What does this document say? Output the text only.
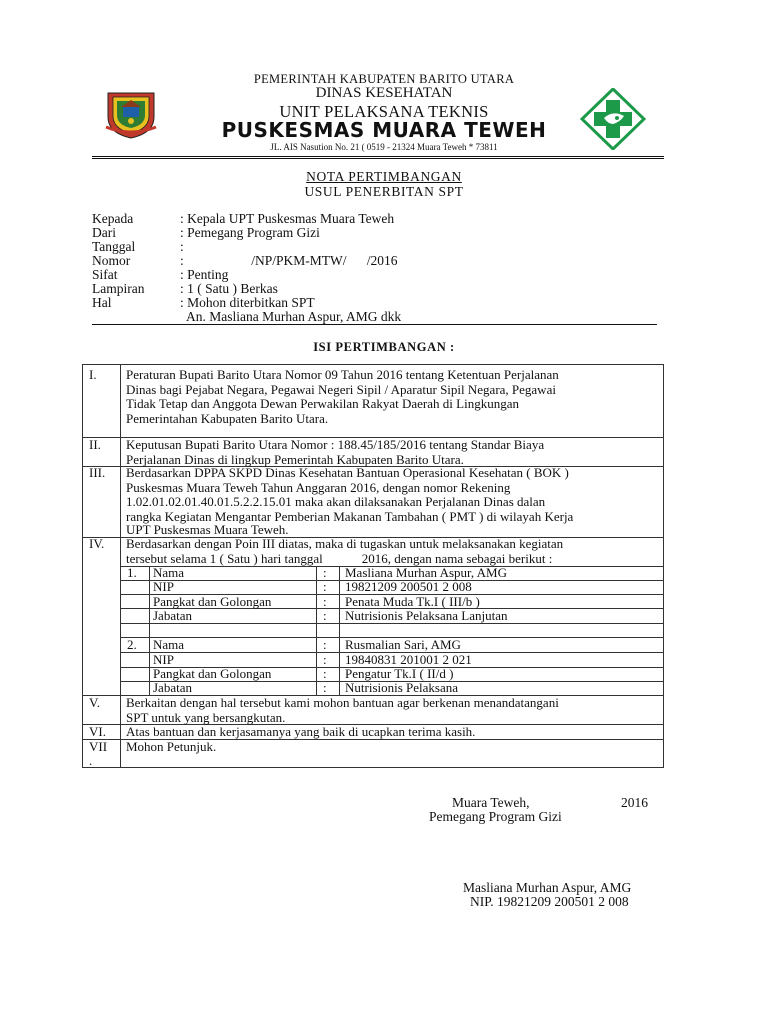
PEMERINTAH KABUPATEN BARITO UTARA
DINAS KESEHATAN
UNIT PELAKSANA TEKNIS
PUSKESMAS MUARA TEWEH
JL. AIS Nasution No. 21 ( 0519 - 21324 Muara Teweh * 73811
NOTA PERTIMBANGAN
USUL PENERBITAN SPT
Kepada	: Kepala UPT Puskesmas Muara Teweh
Dari	: Pemegang Program Gizi
Tanggal	:
Nomor	:                    /NP/PKM-MTW/      /2016
Sifat	: Penting
Lampiran	: 1 ( Satu ) Berkas
Hal	: Mohon diterbitkan SPT
An. Masliana Murhan Aspur, AMG dkk
ISI PERTIMBANGAN :
I. Peraturan Bupati Barito Utara Nomor 09 Tahun 2016 tentang Ketentuan Perjalanan
Dinas bagi Pejabat Negara, Pegawai Negeri Sipil / Aparatur Sipil Negara, Pegawai
Tidak Tetap dan Anggota Dewan Perwakilan Rakyat Daerah di Lingkungan
Pemerintahan Kabupaten Barito Utara.
II. Keputusan Bupati Barito Utara Nomor : 188.45/185/2016 tentang Standar Biaya
Perjalanan Dinas di lingkup Pemerintah Kabupaten Barito Utara.
III. Berdasarkan DPPA SKPD Dinas Kesehatan Bantuan Operasional Kesehatan ( BOK )
Puskesmas Muara Teweh Tahun Anggaran 2016, dengan nomor Rekening
1.02.01.02.01.40.01.5.2.2.15.01 maka akan dilaksanakan Perjalanan Dinas dalan
rangka Kegiatan Mengantar Pemberian Makanan Tambahan ( PMT ) di wilayah Kerja
UPT Puskesmas Muara Teweh.
IV. Berdasarkan dengan Poin III diatas, maka di tugaskan untuk melaksanakan kegiatan
tersebut selama 1 ( Satu ) hari tanggal            2016, dengan nama sebagai berikut :
1. Nama	: Masliana Murhan Aspur, AMG
NIP	: 19821209 200501 2 008
Pangkat dan Golongan	: Penata Muda Tk.I ( III/b )
Jabatan	: Nutrisionis Pelaksana Lanjutan
2. Nama	: Rusmalian Sari, AMG
NIP	: 19840831 201001 2 021
Pangkat dan Golongan	: Pengatur Tk.I ( II/d )
Jabatan	: Nutrisionis Pelaksana
V. Berkaitan dengan hal tersebut kami mohon bantuan agar berkenan menandatangani
SPT untuk yang bersangkutan.
VI. Atas bantuan dan kerjasamanya yang baik di ucapkan terima kasih.
VII
.
Mohon Petunjuk.
Muara Teweh,	2016
Pemegang Program Gizi
Masliana Murhan Aspur, AMG
NIP. 19821209 200501 2 008
